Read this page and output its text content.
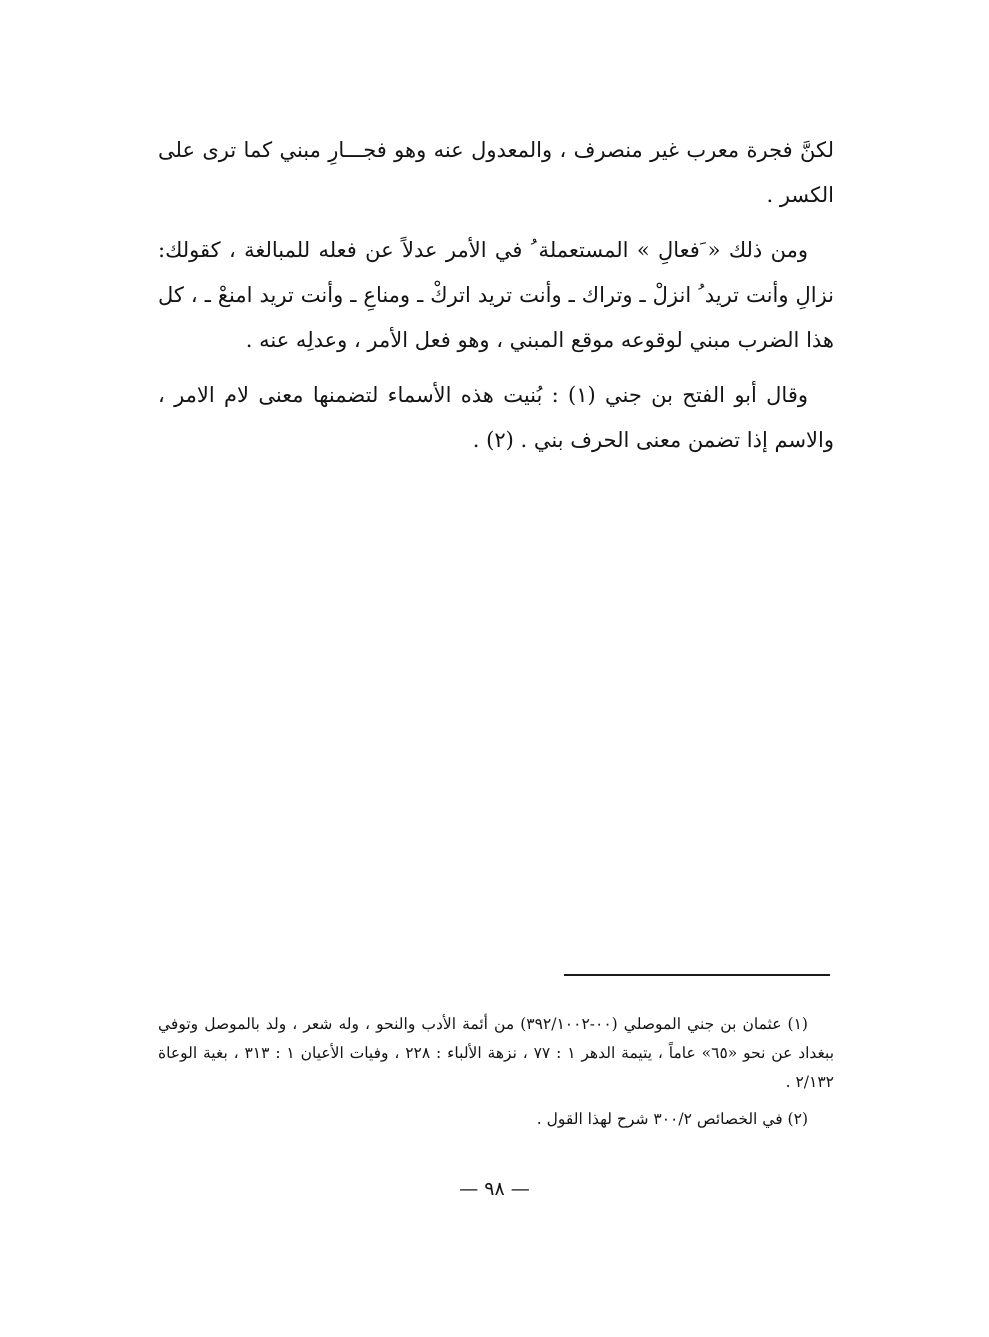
لكنَّ فجرة معرب غير منصرف ، والمعدول عنه وهو فجـــارِ مبني كما ترى على الكسر .

ومن ذلك « َفعالِ » المستعملة ُ في الأمر عدلاً عن فعله للمبالغة ، كقولك: نزالِ وأنت تريد ُ انزلْ ـ وتراك ـ وأنت تريد اتركْ ـ ومناعِ ـ وأنت تريد امنعْ ـ ، كل هذا الضرب مبني لوقوعه موقع المبني ، وهو فعل الأمر ، وعدلِه عنه .

وقال أبو الفتح بن جني (١) : بُنيت هذه الأسماء لتضمنها معنى لام الامر ، والاسم إذا تضمن معنى الحرف بني . (٢) .

(١) عثمان بن جني الموصلي (٠٠-٣٩٢/١٠٠٢) من أئمة الأدب والنحو ، وله شعر ، ولد بالموصل وتوفي ببغداد عن نحو «٦٥» عاماً ، يتيمة الدهر ١ : ٧٧ ، نزهة الألباء : ٢٢٨ ، وفيات الأعيان ١ : ٣١٣ ، بغية الوعاة ٢/١٣٢ .

(٢) في الخصائص ٣٠٠/٢ شرح لهذا القول .

— ٩٨ —
